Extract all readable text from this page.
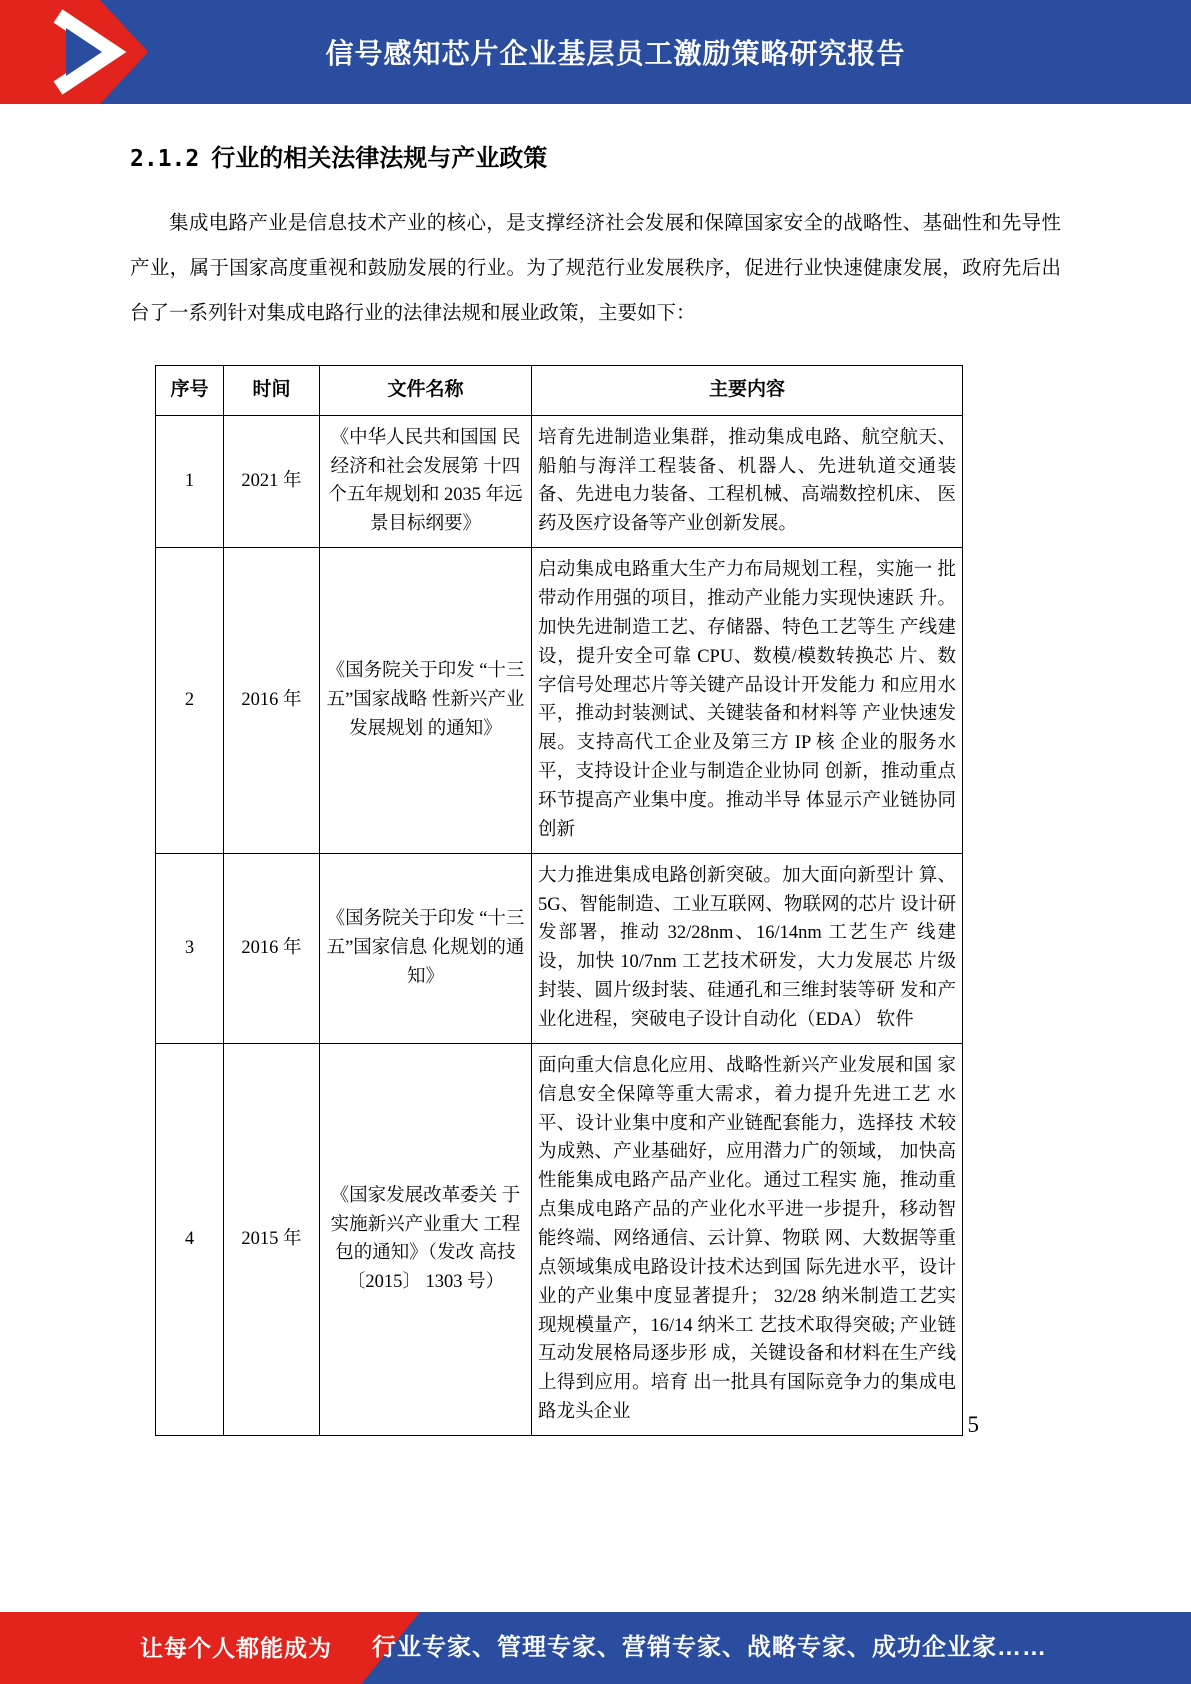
信号感知芯片企业基层员工激励策略研究报告
2.1.2 行业的相关法律法规与产业政策

集成电路产业是信息技术产业的核心，是支撑经济社会发展和保障国家安全的战略性、基础性和先导性产业，属于国家高度重视和鼓励发展的行业。为了规范行业发展秩序，促进行业快速健康发展，政府先后出台了一系列针对集成电路行业的法律法规和展业政策，主要如下：

序号	时间	文件名称	主要内容
1	2021 年	《中华人民共和国国 民经济和社会发展第 十四个五年规划和 2035 年远景目标纲要》	培育先进制造业集群，推动集成电路、航空航天、船舶与海洋工程装备、机器人、先进轨道交通装 备、先进电力装备、工程机械、高端数控机床、 医药及医疗设备等产业创新发展。
2	2016 年	《国务院关于印发 “十三五”国家战略 性新兴产业发展规划 的通知》	启动集成电路重大生产力布局规划工程，实施一 批带动作用强的项目，推动产业能力实现快速跃 升。加快先进制造工艺、存储器、特色工艺等生 产线建设，提升安全可靠 CPU、数模/模数转换芯 片、数字信号处理芯片等关键产品设计开发能力 和应用水平，推动封装测试、关键装备和材料等 产业快速发展。支持高代工企业及第三方 IP 核 企业的服务水平，支持设计企业与制造企业协同 创新，推动重点环节提高产业集中度。推动半导 体显示产业链协同创新
3	2016 年	《国务院关于印发 “十三五”国家信息 化规划的通知》	大力推进集成电路创新突破。加大面向新型计 算、5G、智能制造、工业互联网、物联网的芯片 设计研发部署，推动 32/28nm、16/14nm 工艺生产 线建设，加快 10/7nm 工艺技术研发，大力发展芯 片级封装、圆片级封装、硅通孔和三维封装等研 发和产业化进程，突破电子设计自动化（EDA） 软件
4	2015 年	《国家发展改革委关 于实施新兴产业重大 工程包的通知》（发改 高技〔2015〕 1303 号）	面向重大信息化应用、战略性新兴产业发展和国 家信息安全保障等重大需求，着力提升先进工艺 水平、设计业集中度和产业链配套能力，选择技 术较为成熟、产业基础好，应用潜力广的领域， 加快高性能集成电路产品产业化。通过工程实 施，推动重点集成电路产品的产业化水平进一步提升，移动智能终端、网络通信、云计算、物联 网、大数据等重点领域集成电路设计技术达到国 际先进水平，设计业的产业集中度显著提升； 32/28 纳米制造工艺实现规模量产，16/14 纳米工 艺技术取得突破; 产业链互动发展格局逐步形 成，关键设备和材料在生产线上得到应用。培育 出一批具有国际竞争力的集成电路龙头企业	5
让每个人都能成为 行业专家、管理专家、营销专家、战略专家、成功企业家……
